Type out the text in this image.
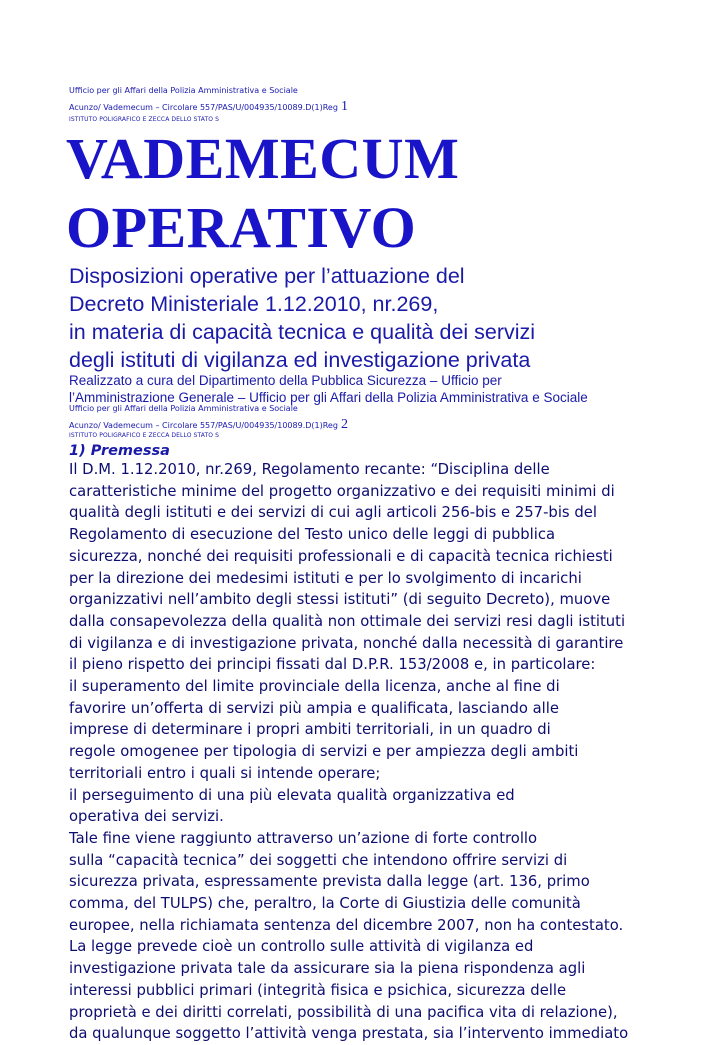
Ufficio per gli Affari della Polizia Amministrativa e Sociale
Acunzo/ Vademecum – Circolare 557/PAS/U/004935/10089.D(1)Reg 1
ISTITUTO POLIGRAFICO E ZECCA DELLO STATO S
VADEMECUM
OPERATIVO
Disposizioni operative per l’attuazione del
Decreto Ministeriale 1.12.2010, nr.269,
in materia di capacità tecnica e qualità dei servizi
degli istituti di vigilanza ed investigazione privata
Realizzato a cura del Dipartimento della Pubblica Sicurezza – Ufficio per
l’Amministrazione Generale – Ufficio per gli Affari della Polizia Amministrativa e Sociale
Ufficio per gli Affari della Polizia Amministrativa e Sociale
Acunzo/ Vademecum – Circolare 557/PAS/U/004935/10089.D(1)Reg 2
ISTITUTO POLIGRAFICO E ZECCA DELLO STATO S
1) Premessa
Il D.M. 1.12.2010, nr.269, Regolamento recante: “Disciplina delle
caratteristiche minime del progetto organizzativo e dei requisiti minimi di
qualità degli istituti e dei servizi di cui agli articoli 256-bis e 257-bis del
Regolamento di esecuzione del Testo unico delle leggi di pubblica
sicurezza, nonché dei requisiti professionali e di capacità tecnica richiesti
per la direzione dei medesimi istituti e per lo svolgimento di incarichi
organizzativi nell’ambito degli stessi istituti” (di seguito Decreto), muove
dalla consapevolezza della qualità non ottimale dei servizi resi dagli istituti
di vigilanza e di investigazione privata, nonché dalla necessità di garantire
il pieno rispetto dei principi fissati dal D.P.R. 153/2008 e, in particolare:
il superamento del limite provinciale della licenza, anche al fine di
favorire un’offerta di servizi più ampia e qualificata, lasciando alle
imprese di determinare i propri ambiti territoriali, in un quadro di
regole omogenee per tipologia di servizi e per ampiezza degli ambiti
territoriali entro i quali si intende operare;
il perseguimento di una più elevata qualità organizzativa ed
operativa dei servizi.
Tale fine viene raggiunto attraverso un’azione di forte controllo
sulla “capacità tecnica” dei soggetti che intendono offrire servizi di
sicurezza privata, espressamente prevista dalla legge (art. 136, primo
comma, del TULPS) che, peraltro, la Corte di Giustizia delle comunità
europee, nella richiamata sentenza del dicembre 2007, non ha contestato.
La legge prevede cioè un controllo sulle attività di vigilanza ed
investigazione privata tale da assicurare sia la piena rispondenza agli
interessi pubblici primari (integrità fisica e psichica, sicurezza delle
proprietà e dei diritti correlati, possibilità di una pacifica vita di relazione),
da qualunque soggetto l’attività venga prestata, sia l’intervento immediato
